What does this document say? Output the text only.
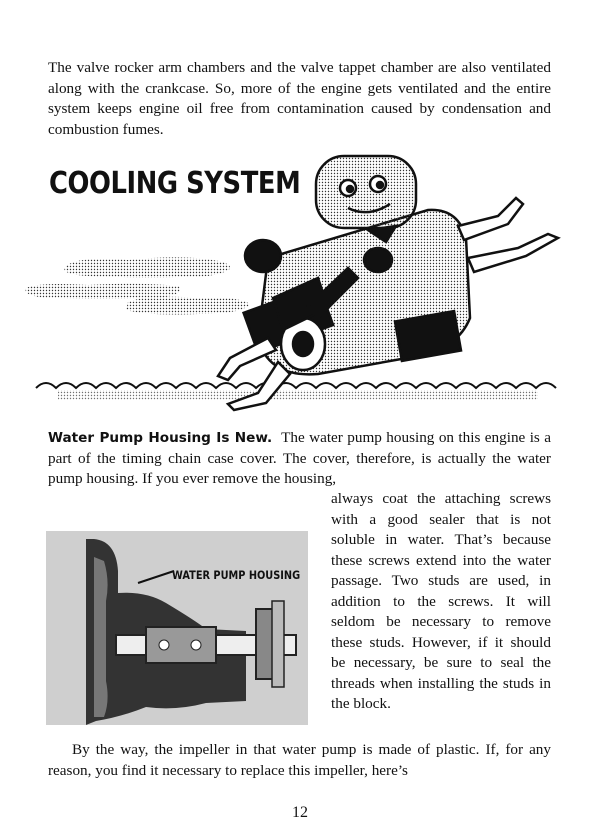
The valve rocker arm chambers and the valve tappet chamber are also ventilated along with the crankcase. So, more of the engine gets ventilated and the entire system keeps engine oil free from contamination caused by condensation and combustion fumes.

COOLING SYSTEM

Water Pump Housing Is New. The water pump housing on this engine is a part of the timing chain case cover. The cover, therefore, is actually the water pump housing. If you ever remove the housing,

WATER PUMP HOUSING

always coat the attaching screws with a good sealer that is not soluble in water. That’s because these screws extend into the water passage. Two studs are used, in addition to the screws. It will seldom be necessary to remove these studs. However, if it should be necessary, be sure to seal the threads when installing the studs in the block.

By the way, the impeller in that water pump is made of plastic. If, for any reason, you find it necessary to replace this impeller, here’s

12
